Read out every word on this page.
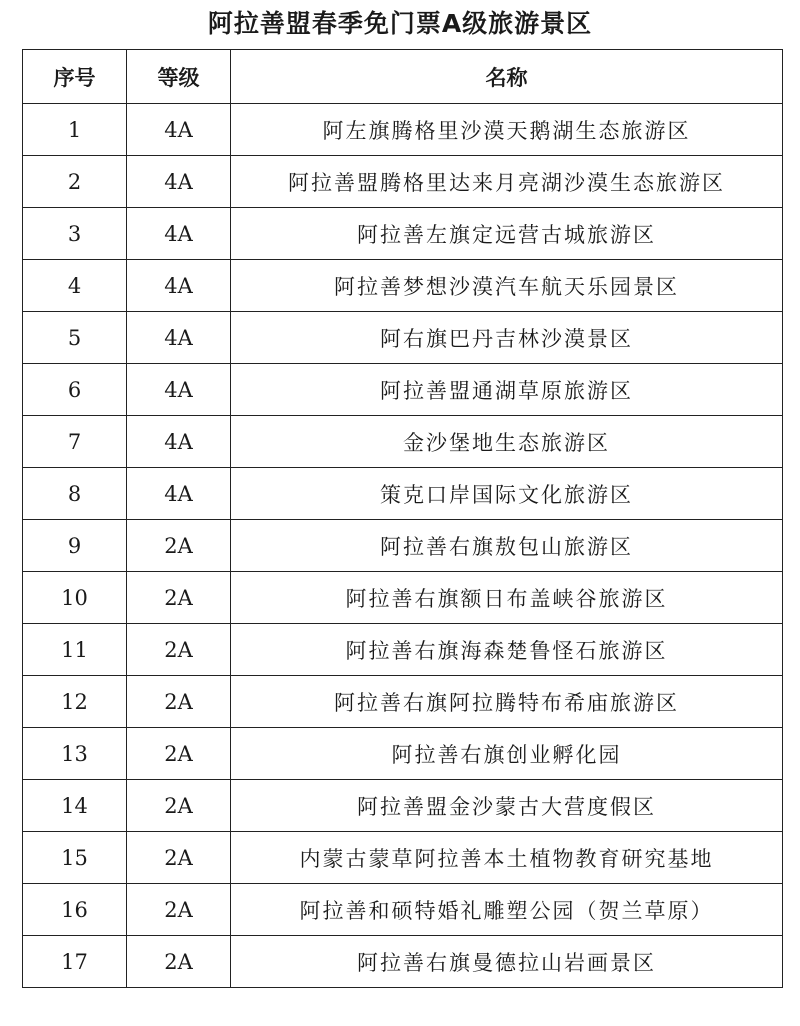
阿拉善盟春季免门票A级旅游景区
序号	等级	名称
1	4A	阿左旗腾格里沙漠天鹅湖生态旅游区
2	4A	阿拉善盟腾格里达来月亮湖沙漠生态旅游区
3	4A	阿拉善左旗定远营古城旅游区
4	4A	阿拉善梦想沙漠汽车航天乐园景区
5	4A	阿右旗巴丹吉林沙漠景区
6	4A	阿拉善盟通湖草原旅游区
7	4A	金沙堡地生态旅游区
8	4A	策克口岸国际文化旅游区
9	2A	阿拉善右旗敖包山旅游区
10	2A	阿拉善右旗额日布盖峡谷旅游区
11	2A	阿拉善右旗海森楚鲁怪石旅游区
12	2A	阿拉善右旗阿拉腾特布希庙旅游区
13	2A	阿拉善右旗创业孵化园
14	2A	阿拉善盟金沙蒙古大营度假区
15	2A	内蒙古蒙草阿拉善本土植物教育研究基地
16	2A	阿拉善和硕特婚礼雕塑公园（贺兰草原）
17	2A	阿拉善右旗曼德拉山岩画景区
